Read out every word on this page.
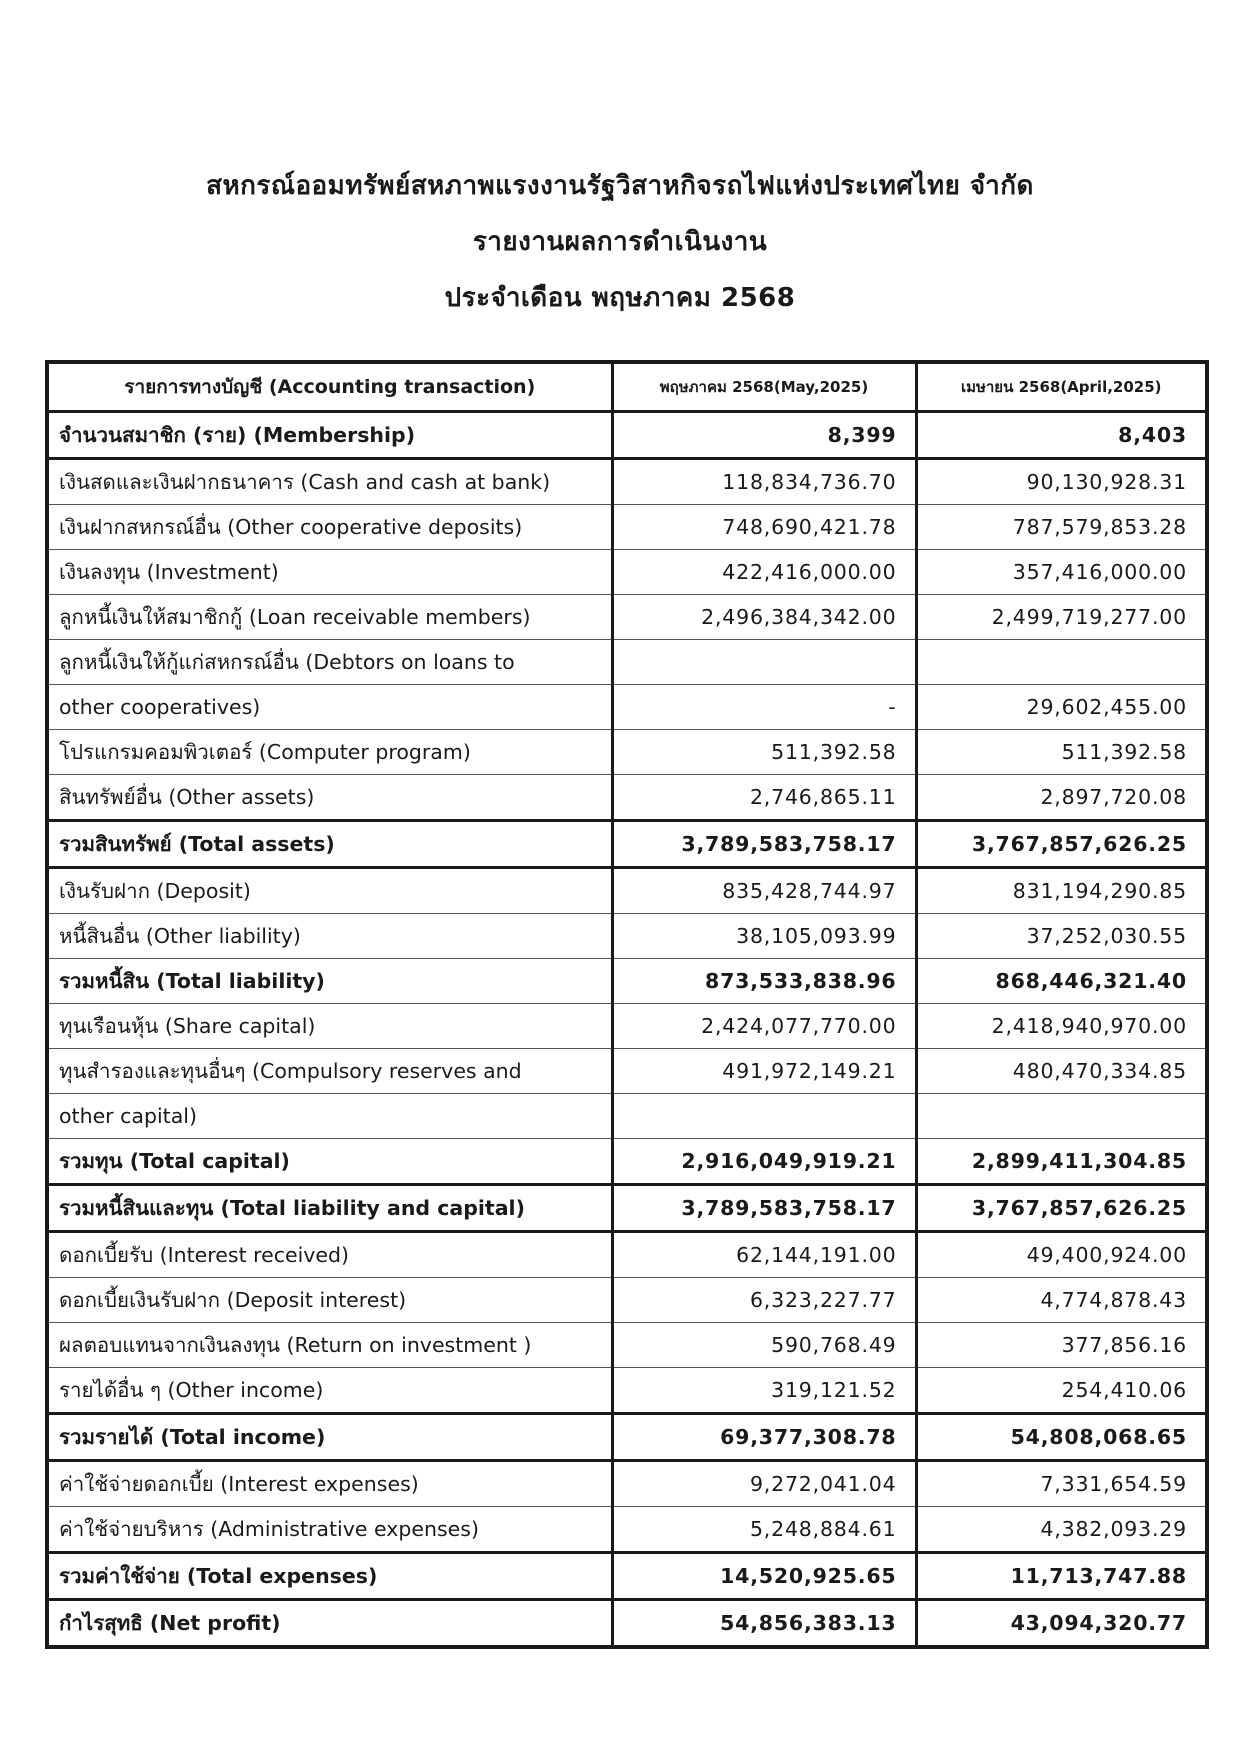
สหกรณ์ออมทรัพย์สหภาพแรงงานรัฐวิสาหกิจรถไฟแห่งประเทศไทย จำกัด
รายงานผลการดำเนินงาน
ประจำเดือน พฤษภาคม 2568
รายการทางบัญชี (Accounting transaction)	พฤษภาคม 2568(May,2025)	เมษายน 2568(April,2025)
จำนวนสมาชิก (ราย) (Membership)	8,399	8,403
เงินสดและเงินฝากธนาคาร (Cash and cash at bank)	118,834,736.70	90,130,928.31
เงินฝากสหกรณ์อื่น (Other cooperative deposits)	748,690,421.78	787,579,853.28
เงินลงทุน (Investment)	422,416,000.00	357,416,000.00
ลูกหนี้เงินให้สมาชิกกู้ (Loan receivable members)	2,496,384,342.00	2,499,719,277.00
ลูกหนี้เงินให้กู้แก่สหกรณ์อื่น (Debtors on loans to		
other cooperatives)	-	29,602,455.00
โปรแกรมคอมพิวเตอร์ (Computer program)	511,392.58	511,392.58
สินทรัพย์อื่น (Other assets)	2,746,865.11	2,897,720.08
รวมสินทรัพย์ (Total assets)	3,789,583,758.17	3,767,857,626.25
เงินรับฝาก (Deposit)	835,428,744.97	831,194,290.85
หนี้สินอื่น (Other liability)	38,105,093.99	37,252,030.55
รวมหนี้สิน (Total liability)	873,533,838.96	868,446,321.40
ทุนเรือนหุ้น (Share capital)	2,424,077,770.00	2,418,940,970.00
ทุนสำรองและทุนอื่นๆ (Compulsory reserves and	491,972,149.21	480,470,334.85
other capital)		
รวมทุน (Total capital)	2,916,049,919.21	2,899,411,304.85
รวมหนี้สินและทุน (Total liability and capital)	3,789,583,758.17	3,767,857,626.25
ดอกเบี้ยรับ (Interest received)	62,144,191.00	49,400,924.00
ดอกเบี้ยเงินรับฝาก (Deposit interest)	6,323,227.77	4,774,878.43
ผลตอบแทนจากเงินลงทุน (Return on investment )	590,768.49	377,856.16
รายได้อื่น ๆ (Other income)	319,121.52	254,410.06
รวมรายได้ (Total income)	69,377,308.78	54,808,068.65
ค่าใช้จ่ายดอกเบี้ย (Interest expenses)	9,272,041.04	7,331,654.59
ค่าใช้จ่ายบริหาร (Administrative expenses)	5,248,884.61	4,382,093.29
รวมค่าใช้จ่าย (Total expenses)	14,520,925.65	11,713,747.88
กำไรสุทธิ (Net profit)	54,856,383.13	43,094,320.77
